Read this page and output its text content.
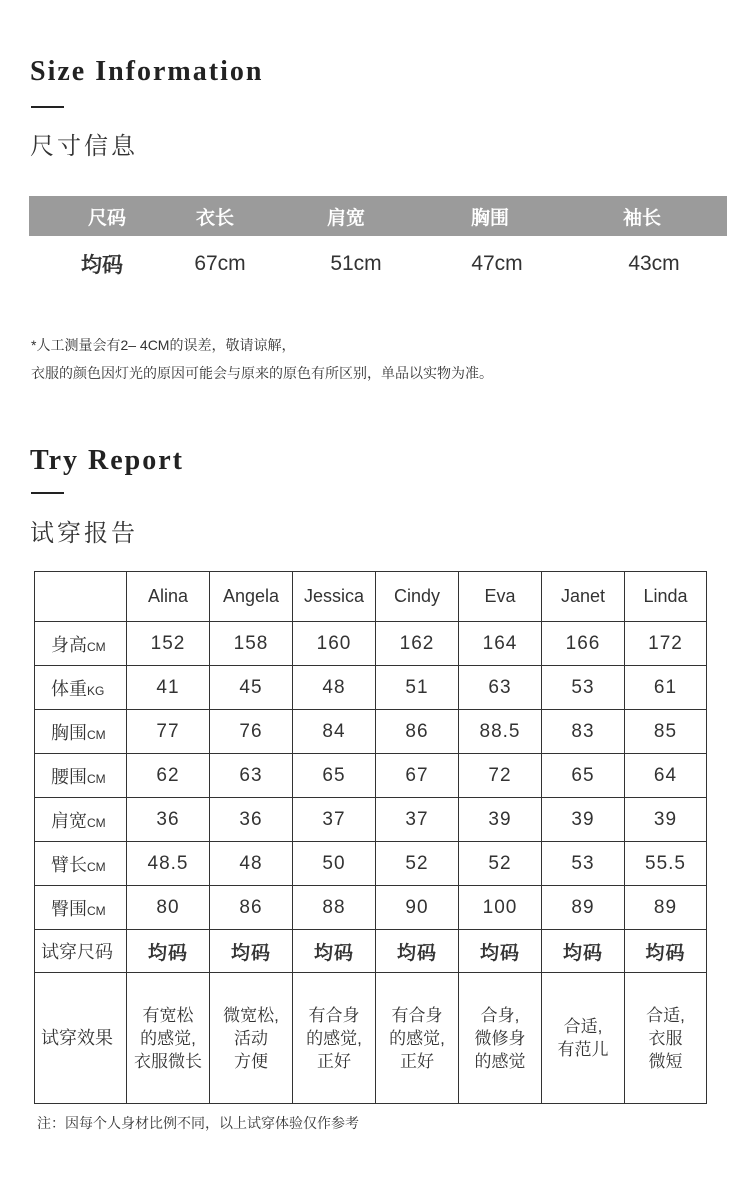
Size Information
尺寸信息
尺码	衣长	肩宽	胸围	袖长
均码	67cm	51cm	47cm	43cm
*人工测量会有2– 4CM的误差，敬请谅解，
衣服的颜色因灯光的原因可能会与原来的原色有所区别，单品以实物为准。
Try Report
试穿报告
	Alina	Angela	Jessica	Cindy	Eva	Janet	Linda
身高CM	152	158	160	162	164	166	172
体重KG	41	45	48	51	63	53	61
胸围CM	77	76	84	86	88.5	83	85
腰围CM	62	63	65	67	72	65	64
肩宽CM	36	36	37	37	39	39	39
臂长CM	48.5	48	50	52	52	53	55.5
臀围CM	80	86	88	90	100	89	89
试穿尺码	均码	均码	均码	均码	均码	均码	均码
试穿效果	有宽松
的感觉,
衣服微长	微宽松,
活动
方便	有合身
的感觉,
正好	有合身
的感觉,
正好	合身,
微修身
的感觉	合适,
有范儿	合适,
衣服
微短
注：因每个人身材比例不同，以上试穿体验仅作参考
